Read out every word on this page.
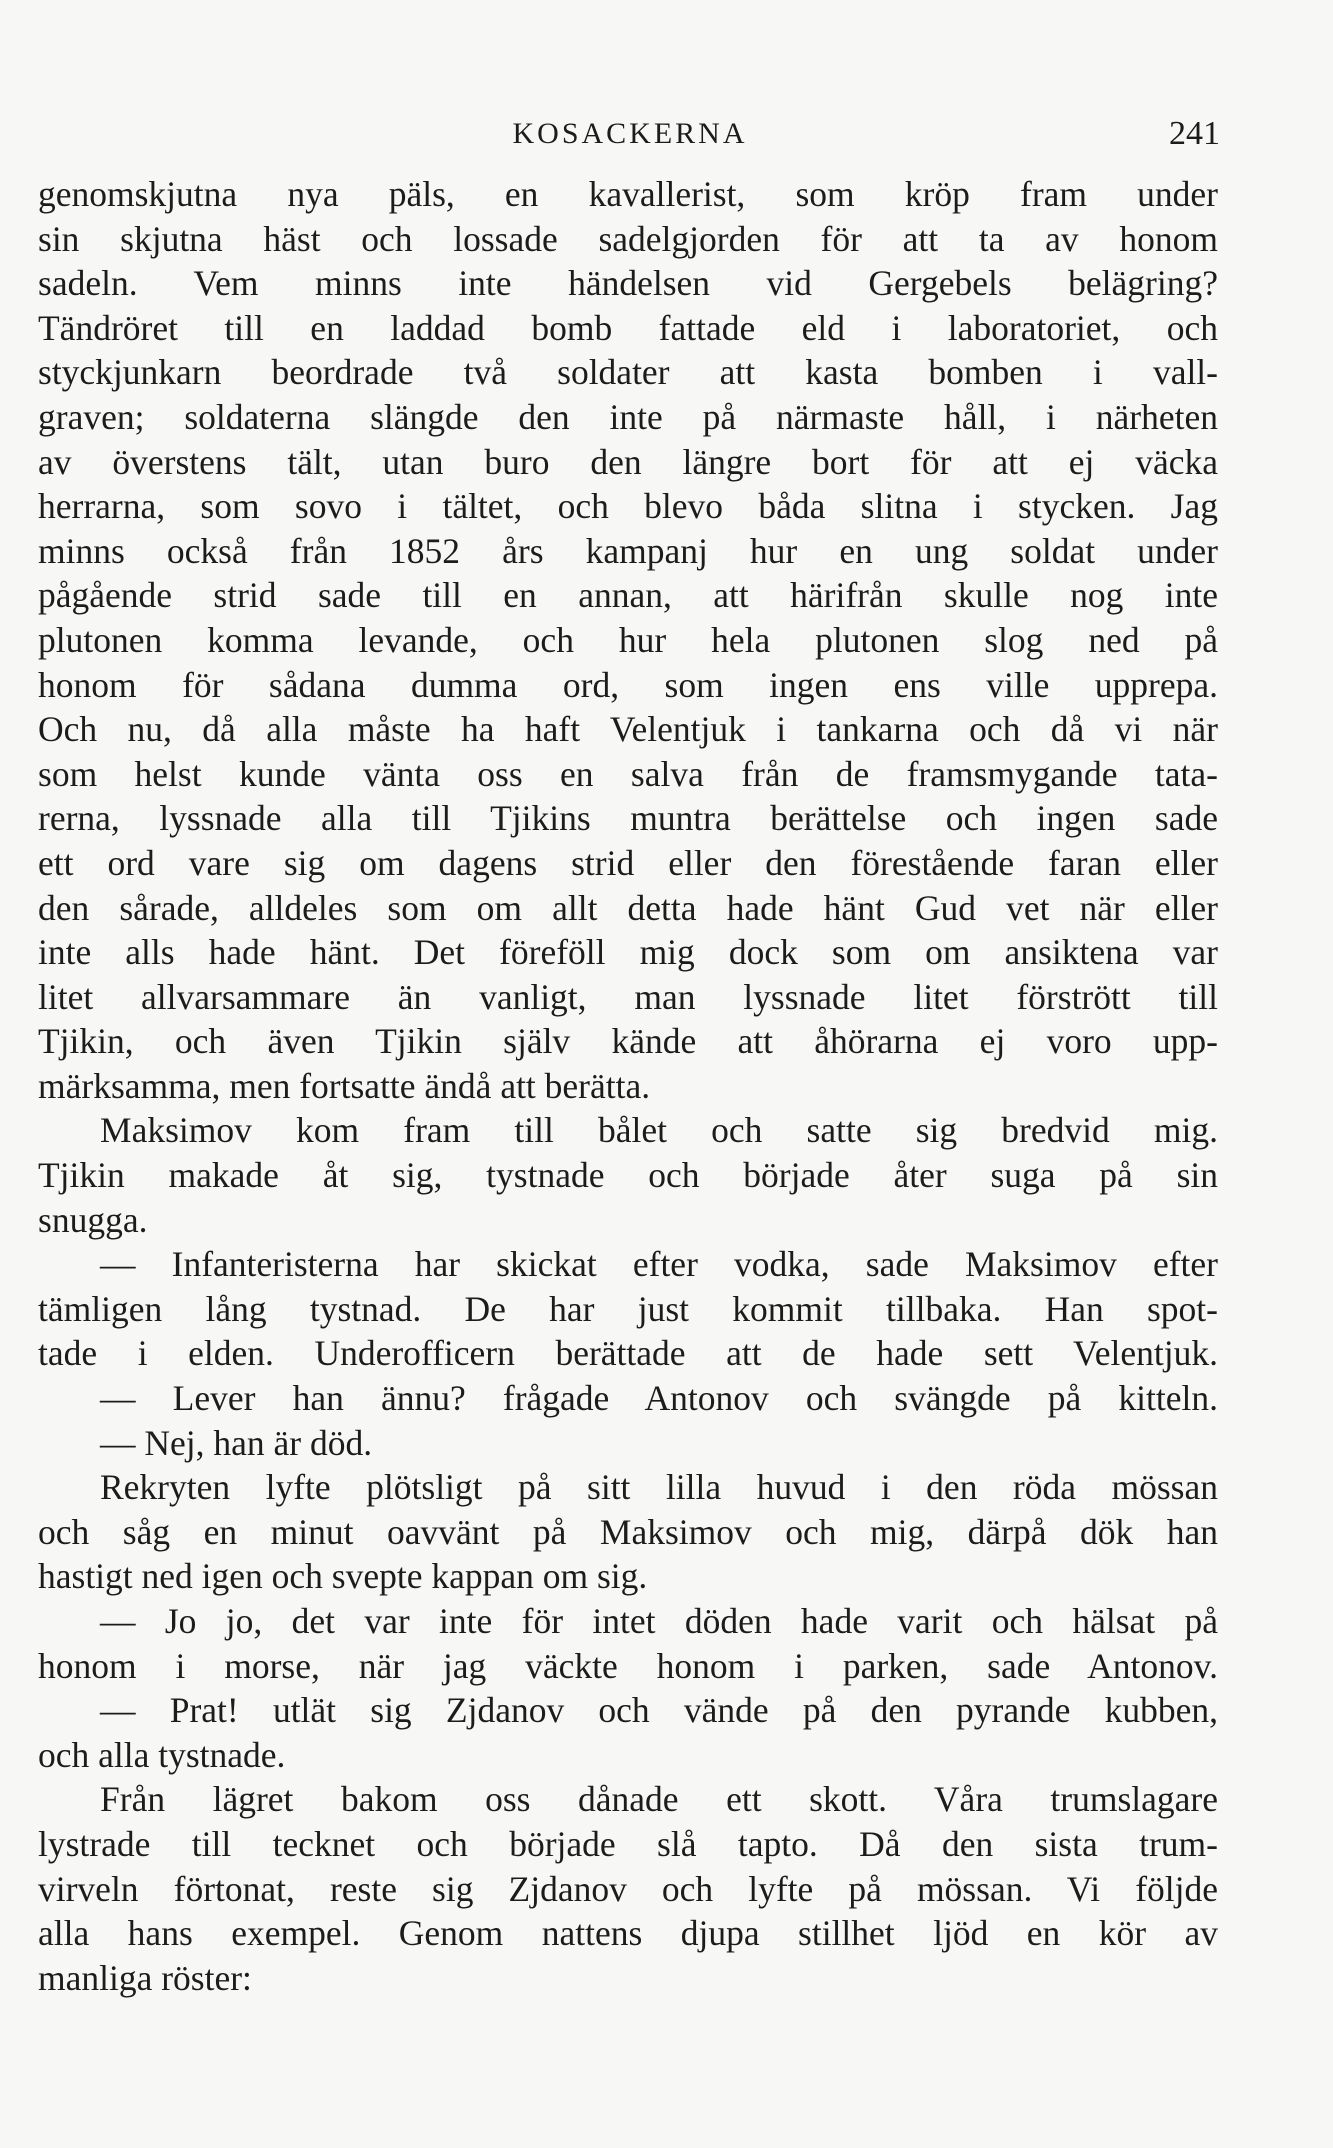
KOSACKERNA	241
genomskjutna nya päls, en kavallerist, som kröp fram under
sin skjutna häst och lossade sadelgjorden för att ta av honom
sadeln. Vem minns inte händelsen vid Gergebels belägring?
Tändröret till en laddad bomb fattade eld i laboratoriet, och
styckjunkarn beordrade två soldater att kasta bomben i vall-
graven; soldaterna slängde den inte på närmaste håll, i närheten
av överstens tält, utan buro den längre bort för att ej väcka
herrarna, som sovo i tältet, och blevo båda slitna i stycken. Jag
minns också från 1852 års kampanj hur en ung soldat under
pågående strid sade till en annan, att härifrån skulle nog inte
plutonen komma levande, och hur hela plutonen slog ned på
honom för sådana dumma ord, som ingen ens ville upprepa.
Och nu, då alla måste ha haft Velentjuk i tankarna och då vi när
som helst kunde vänta oss en salva från de framsmygande tata-
rerna, lyssnade alla till Tjikins muntra berättelse och ingen sade
ett ord vare sig om dagens strid eller den förestående faran eller
den sårade, alldeles som om allt detta hade hänt Gud vet när eller
inte alls hade hänt. Det föreföll mig dock som om ansiktena var
litet allvarsammare än vanligt, man lyssnade litet förstrött till
Tjikin, och även Tjikin själv kände att åhörarna ej voro upp-
märksamma, men fortsatte ändå att berätta.
Maksimov kom fram till bålet och satte sig bredvid mig.
Tjikin makade åt sig, tystnade och började åter suga på sin
snugga.
— Infanteristerna har skickat efter vodka, sade Maksimov efter
tämligen lång tystnad. De har just kommit tillbaka. Han spot-
tade i elden. Underofficern berättade att de hade sett Velentjuk.
— Lever han ännu? frågade Antonov och svängde på kitteln.
— Nej, han är död.
Rekryten lyfte plötsligt på sitt lilla huvud i den röda mössan
och såg en minut oavvänt på Maksimov och mig, därpå dök han
hastigt ned igen och svepte kappan om sig.
— Jo jo, det var inte för intet döden hade varit och hälsat på
honom i morse, när jag väckte honom i parken, sade Antonov.
— Prat! utlät sig Zjdanov och vände på den pyrande kubben,
och alla tystnade.
Från lägret bakom oss dånade ett skott. Våra trumslagare
lystrade till tecknet och började slå tapto. Då den sista trum-
virveln förtonat, reste sig Zjdanov och lyfte på mössan. Vi följde
alla hans exempel. Genom nattens djupa stillhet ljöd en kör av
manliga röster:
